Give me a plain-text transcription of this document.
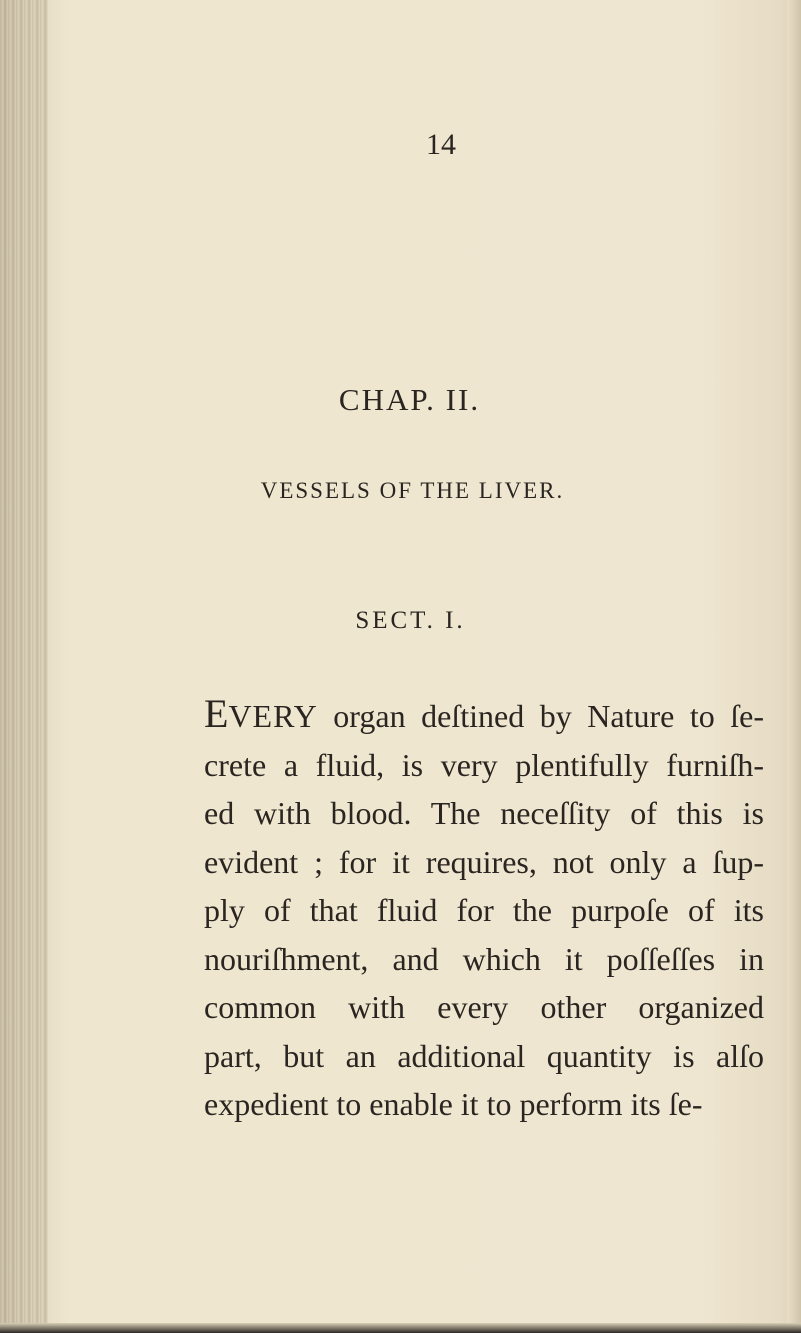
14
CHAP. II.
VESSELS OF THE LIVER.
SECT. I.
EVERY organ deſtined by Nature to ſe-
crete a fluid, is very plentifully furniſh-
ed with blood. The neceſſity of this is
evident ; for it requires, not only a ſup-
ply of that fluid for the purpoſe of its
nouriſhment, and which it poſſeſſes in
common with every other organized
part, but an additional quantity is alſo
expedient to enable it to perform its ſe-
